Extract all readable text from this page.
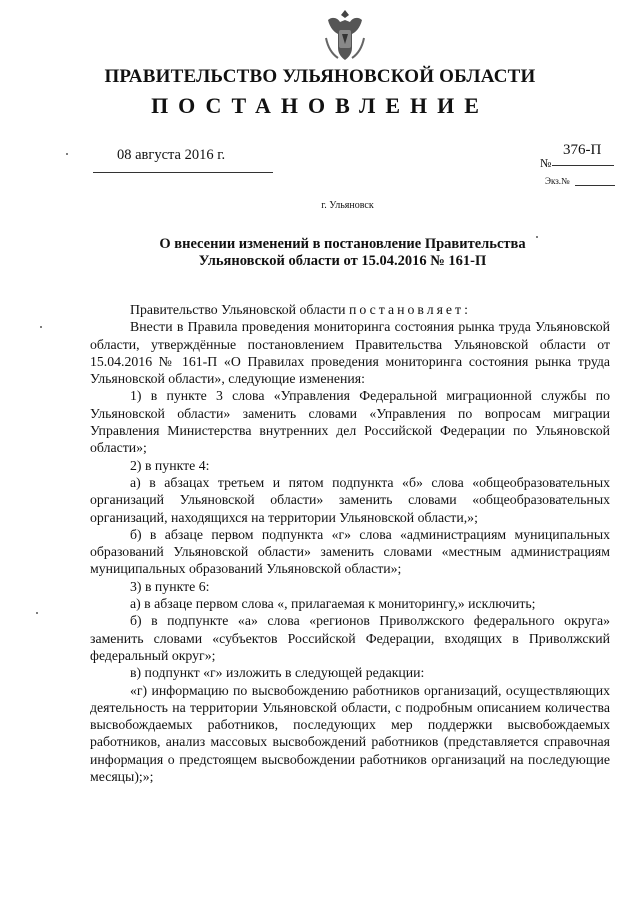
ПРАВИТЕЛЬСТВО УЛЬЯНОВСКОЙ ОБЛАСТИ
ПОСТАНОВЛЕНИЕ
08 августа 2016 г.	№
376-П
Экз.№
г. Ульяновск
О внесении изменений в постановление Правительства
Ульяновской области от 15.04.2016 № 161-П

Правительство Ульяновской области постановляет:

Внести в Правила проведения мониторинга состояния рынка труда Ульяновской области, утверждённые постановлением Правительства Ульяновской области от 15.04.2016 № 161-П «О Правилах проведения мониторинга состояния рынка труда Ульяновской области», следующие изменения:

1) в пункте 3 слова «Управления Федеральной миграционной службы по Ульяновской области» заменить словами «Управления по вопросам миграции Управления Министерства внутренних дел Российской Федерации по Ульяновской области»;

2) в пункте 4:

а) в абзацах третьем и пятом подпункта «б» слова «общеобразовательных организаций Ульяновской области» заменить словами «общеобразовательных организаций, находящихся на территории Ульяновской области,»;

б) в абзаце первом подпункта «г» слова «администрациям муниципальных образований Ульяновской области» заменить словами «местным администрациям муниципальных образований Ульяновской области»;

3) в пункте 6:

а) в абзаце первом слова «, прилагаемая к мониторингу,» исключить;

б) в подпункте «а» слова «регионов Приволжского федерального округа» заменить словами «субъектов Российской Федерации, входящих в Приволжский федеральный округ»;

в) подпункт «г» изложить в следующей редакции:

«г) информацию по высвобождению работников организаций, осуществляющих деятельность на территории Ульяновской области, с подробным описанием количества высвобождаемых работников, последующих мер поддержки высвобождаемых работников, анализ массовых высвобождений работников (представляется справочная информация о предстоящем высвобождении работников организаций на последующие месяцы);»;
